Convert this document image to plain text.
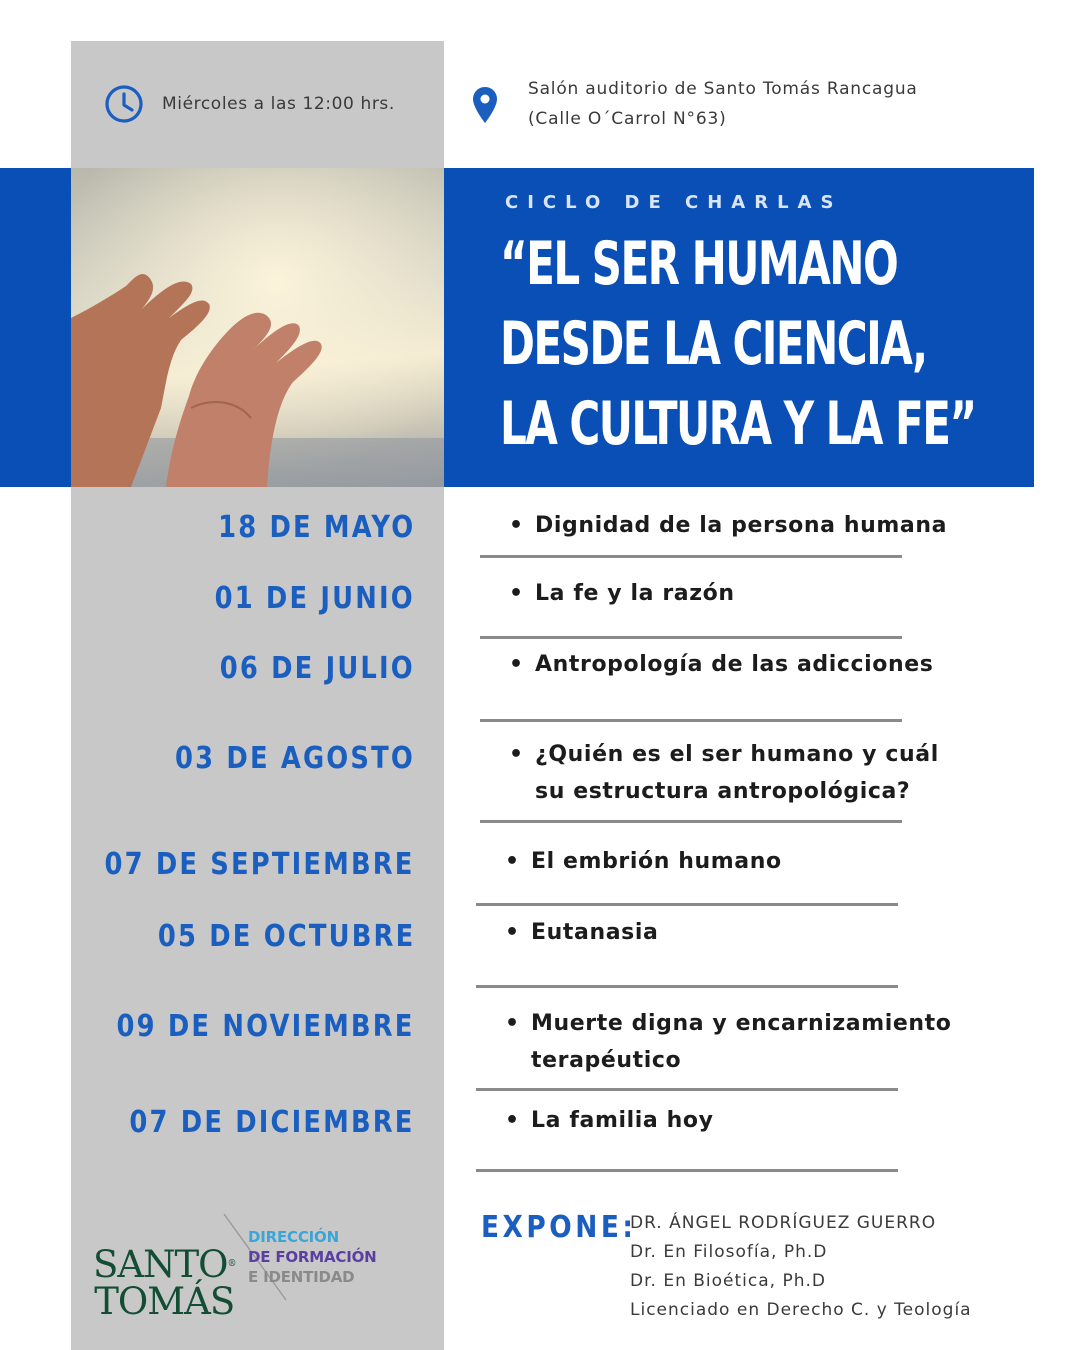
Miércoles a las 12:00 hrs.
Salón auditorio de Santo Tomás Rancagua
(Calle O´Carrol N°63)
CICLO DE CHARLAS
“EL SER HUMANO
DESDE LA CIENCIA,
LA CULTURA Y LA FE”
18 DE MAYO	• Dignidad de la persona humana
01 DE JUNIO	• La fe y la razón
06 DE JULIO	• Antropología de las adicciones
03 DE AGOSTO	• ¿Quién es el ser humano y cuál
su estructura antropológica?
07 DE SEPTIEMBRE	• El embrión humano
05 DE OCTUBRE	• Eutanasia
09 DE NOVIEMBRE	• Muerte digna y encarnizamiento
terapéutico
07 DE DICIEMBRE	• La familia hoy
EXPONE:
DR. ÁNGEL RODRÍGUEZ GUERRO
Dr. En Filosofía, Ph.D
Dr. En Bioética, Ph.D
Licenciado en Derecho C. y Teología
SANTO®
TOMÁS
DIRECCIÓN
DE FORMACIÓN
E IDENTIDAD
